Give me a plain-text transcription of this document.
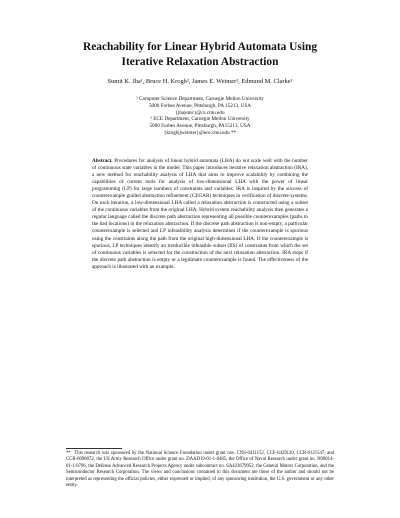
Reachability for Linear Hybrid Automata Using
Iterative Relaxation Abstraction
Sumit K. Jha¹, Bruce H. Krogh², James E. Weimer², Edmund M. Clarke¹
¹ Computer Science Department, Carnegie Mellon University
5000 Forbes Avenue, Pittsburgh, PA 15213, USA
{jha|emc}@cs.cmu.edu
² ECE Department, Carnegie Mellon University
5000 Forbes Avenue, Pittsburgh, PA15213, USA
{krogh|jweimer}@ece.cmu.edu **
Abstract. Procedures for analysis of linear hybrid automata (LHA) do not scale well with the number of continuous state variables in the model. This paper introduces iterative relaxation abstraction (IRA), a new method for reachability analysis of LHA that aims to improve scalability by combining the capabilities of current tools for analysis of low-dimensional LHA with the power of linear programming (LP) for large numbers of constraints and variables. IRA is inspired by the success of counterexample guided abstraction refinement (CEGAR) techniques in verification of discrete systems. On each iteration, a low-dimensional LHA called a relaxation abstraction is constructed using a subset of the continuous variables from the original LHA. Hybrid system reachability analysis then generates a regular language called the discrete path abstraction representing all possible counterexamples (paths to the bad locations) in the relaxation abstraction. If the discrete path abstraction is non-empty, a particular counterexample is selected and LP infeasibility analysis determines if the counterexample is spurious using the constraints along the path from the original high-dimensional LHA. If the counterexample is spurious, LP techniques identify an irreducible infeasible subset (IIS) of constraints from which the set of continuous variables is selected for the construction of the next relaxation abstraction. IRA stops if the discrete path abstraction is empty or a legitimate counterexample is found. The effectiveness of the approach is illustrated with an example.
** This research was sponsored by the National Science Foundation under grant nos. CNS-0411152, CCF-0429120, CCR-0121547, and CCR-0098072, the US Army Research Office under grant no. DAAD19-01-1-0485, the Office of Naval Research under grant no. N00014-01-1-0796, the Defense Advanced Research Projects Agency under subcontract no. SA423679952, the General Motors Corporation, and the Semiconductor Research Corporation. The views and conclusions contained in this document are those of the author and should not be interpreted as representing the official policies, either expressed or implied, of any sponsoring institution, the U.S. government or any other entity.
